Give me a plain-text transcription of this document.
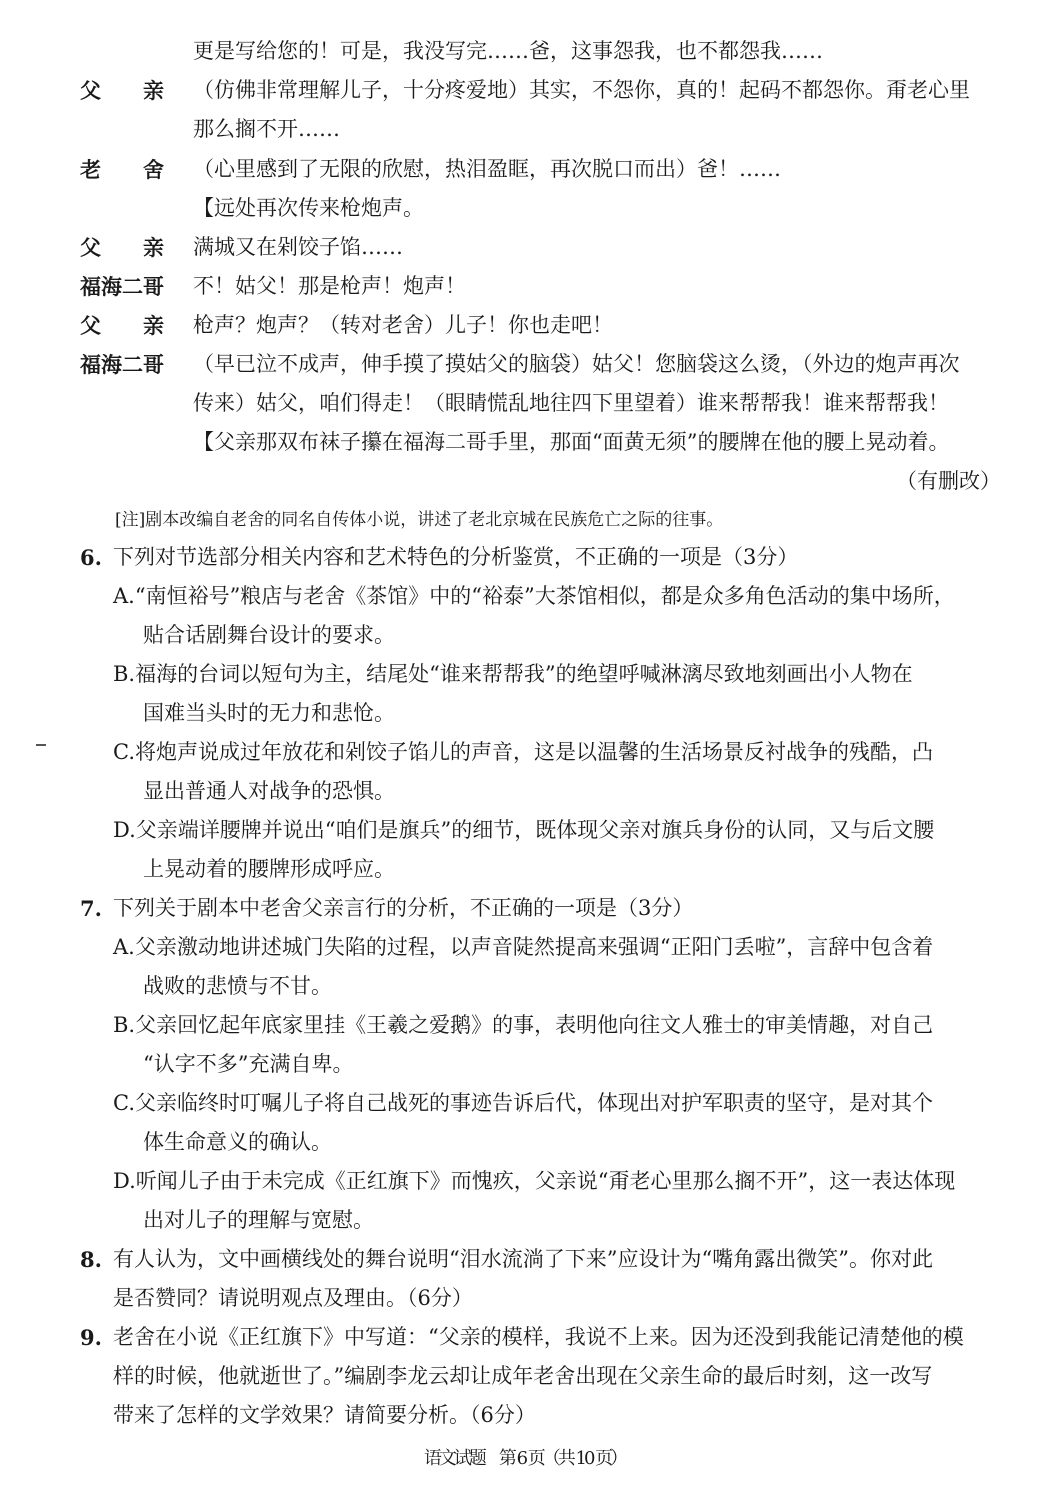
更是写给您的！可是，我没写完……爸，这事怨我，也不都怨我……
父　　亲 （仿佛非常理解儿子，十分疼爱地）其实，不怨你，真的！起码不都怨你。甭老心里
那么搁不开……
老　　舍 （心里感到了无限的欣慰，热泪盈眶，再次脱口而出）爸！……
【远处再次传来枪炮声。
父　　亲 满城又在剁饺子馅……
福海二哥 不！姑父！那是枪声！炮声！
父　　亲 枪声？炮声？（转对老舍）儿子！你也走吧！
福海二哥 （早已泣不成声，伸手摸了摸姑父的脑袋）姑父！您脑袋这么烫，（外边的炮声再次
传来）姑父，咱们得走！（眼睛慌乱地往四下里望着）谁来帮帮我！谁来帮帮我！
【父亲那双布袜子攥在福海二哥手里，那面“面黄无须”的腰牌在他的腰上晃动着。
（有删改）
[注]剧本改编自老舍的同名自传体小说，讲述了老北京城在民族危亡之际的往事。
6. 下列对节选部分相关内容和艺术特色的分析鉴赏，不正确的一项是（3分）
A.“南恒裕号”粮店与老舍《茶馆》中的“裕泰”大茶馆相似，都是众多角色活动的集中场所，
贴合话剧舞台设计的要求。
B.福海的台词以短句为主，结尾处“谁来帮帮我”的绝望呼喊淋漓尽致地刻画出小人物在
国难当头时的无力和悲怆。
C.将炮声说成过年放花和剁饺子馅儿的声音，这是以温馨的生活场景反衬战争的残酷，凸
显出普通人对战争的恐惧。
D.父亲端详腰牌并说出“咱们是旗兵”的细节，既体现父亲对旗兵身份的认同，又与后文腰
上晃动着的腰牌形成呼应。
7. 下列关于剧本中老舍父亲言行的分析，不正确的一项是（3分）
A.父亲激动地讲述城门失陷的过程，以声音陡然提高来强调“正阳门丢啦”，言辞中包含着
战败的悲愤与不甘。
B.父亲回忆起年底家里挂《王羲之爱鹅》的事，表明他向往文人雅士的审美情趣，对自己
“认字不多”充满自卑。
C.父亲临终时叮嘱儿子将自己战死的事迹告诉后代，体现出对护军职责的坚守，是对其个
体生命意义的确认。
D.听闻儿子由于未完成《正红旗下》而愧疚，父亲说“甭老心里那么搁不开”，这一表达体现
出对儿子的理解与宽慰。
8. 有人认为，文中画横线处的舞台说明“泪水流淌了下来”应设计为“嘴角露出微笑”。你对此
是否赞同？请说明观点及理由。（6分）
9. 老舍在小说《正红旗下》中写道：“父亲的模样，我说不上来。因为还没到我能记清楚他的模
样的时候，他就逝世了。”编剧李龙云却让成年老舍出现在父亲生命的最后时刻，这一改写
带来了怎样的文学效果？请简要分析。（6分）
语文试题　第 6 页（共 10 页）
